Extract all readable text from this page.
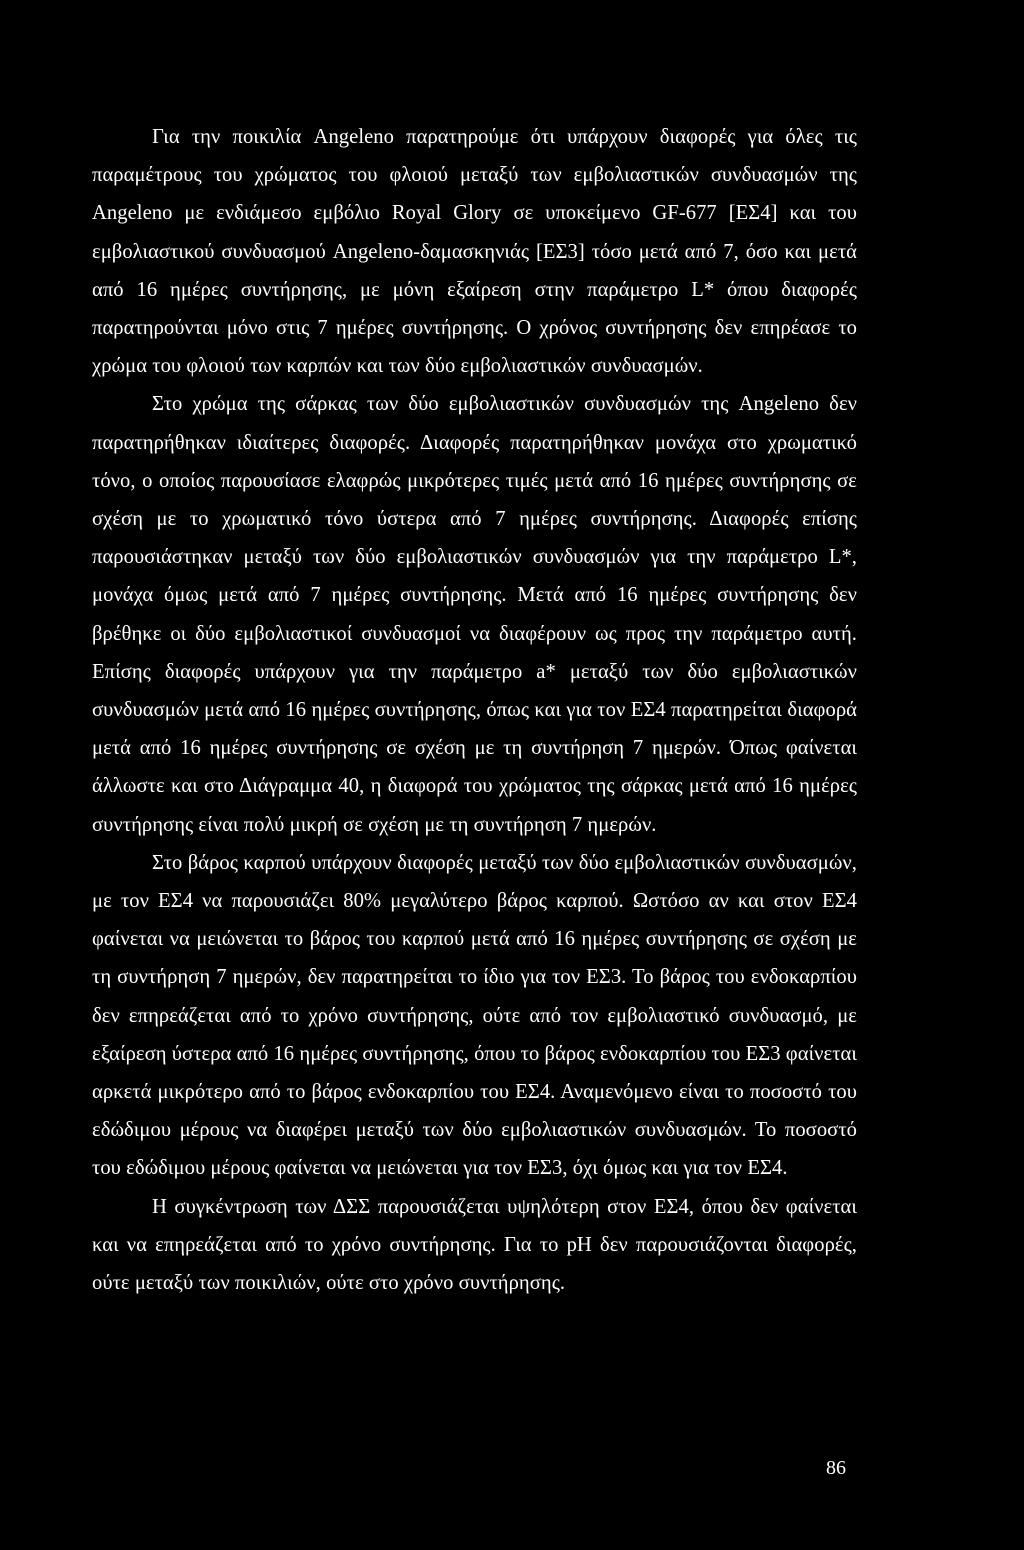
Για την ποικιλία Angeleno παρατηρούμε ότι υπάρχουν διαφορές για όλες τις παραμέτρους του χρώματος του φλοιού μεταξύ των εμβολιαστικών συνδυασμών της Angeleno με ενδιάμεσο εμβόλιο Royal Glory σε υποκείμενο GF-677 [ΕΣ4] και του εμβολιαστικού συνδυασμού Angeleno-δαμασκηνιάς [ΕΣ3] τόσο μετά από 7, όσο και μετά από 16 ημέρες συντήρησης, με μόνη εξαίρεση στην παράμετρο L* όπου διαφορές παρατηρούνται μόνο στις 7 ημέρες συντήρησης. Ο χρόνος συντήρησης δεν επηρέασε το χρώμα του φλοιού των καρπών και των δύο εμβολιαστικών συνδυασμών.

Στο χρώμα της σάρκας των δύο εμβολιαστικών συνδυασμών της Angeleno δεν παρατηρήθηκαν ιδιαίτερες διαφορές. Διαφορές παρατηρήθηκαν μονάχα στο χρωματικό τόνο, ο οποίος παρουσίασε ελαφρώς μικρότερες τιμές μετά από 16 ημέρες συντήρησης σε σχέση με το χρωματικό τόνο ύστερα από 7 ημέρες συντήρησης. Διαφορές επίσης παρουσιάστηκαν μεταξύ των δύο εμβολιαστικών συνδυασμών για την παράμετρο L*, μονάχα όμως μετά από 7 ημέρες συντήρησης. Μετά από 16 ημέρες συντήρησης δεν βρέθηκε οι δύο εμβολιαστικοί συνδυασμοί να διαφέρουν ως προς την παράμετρο αυτή. Επίσης διαφορές υπάρχουν για την παράμετρο a* μεταξύ των δύο εμβολιαστικών συνδυασμών μετά από 16 ημέρες συντήρησης, όπως και για τον ΕΣ4 παρατηρείται διαφορά μετά από 16 ημέρες συντήρησης σε σχέση με τη συντήρηση 7 ημερών. Όπως φαίνεται άλλωστε και στο Διάγραμμα 40, η διαφορά του χρώματος της σάρκας μετά από 16 ημέρες συντήρησης είναι πολύ μικρή σε σχέση με τη συντήρηση 7 ημερών.

Στο βάρος καρπού υπάρχουν διαφορές μεταξύ των δύο εμβολιαστικών συνδυασμών, με τον ΕΣ4 να παρουσιάζει 80% μεγαλύτερο βάρος καρπού. Ωστόσο αν και στον ΕΣ4 φαίνεται να μειώνεται το βάρος του καρπού μετά από 16 ημέρες συντήρησης σε σχέση με τη συντήρηση 7 ημερών, δεν παρατηρείται το ίδιο για τον ΕΣ3. Το βάρος του ενδοκαρπίου δεν επηρεάζεται από το χρόνο συντήρησης, ούτε από τον εμβολιαστικό συνδυασμό, με εξαίρεση ύστερα από 16 ημέρες συντήρησης, όπου το βάρος ενδοκαρπίου του ΕΣ3 φαίνεται αρκετά μικρότερο από το βάρος ενδοκαρπίου του ΕΣ4. Αναμενόμενο είναι το ποσοστό του εδώδιμου μέρους να διαφέρει μεταξύ των δύο εμβολιαστικών συνδυασμών. Το ποσοστό του εδώδιμου μέρους φαίνεται να μειώνεται για τον ΕΣ3, όχι όμως και για τον ΕΣ4.

Η συγκέντρωση των ΔΣΣ παρουσιάζεται υψηλότερη στον ΕΣ4, όπου δεν φαίνεται και να επηρεάζεται από το χρόνο συντήρησης. Για το pH δεν παρουσιάζονται διαφορές, ούτε μεταξύ των ποικιλιών, ούτε στο χρόνο συντήρησης.

86
